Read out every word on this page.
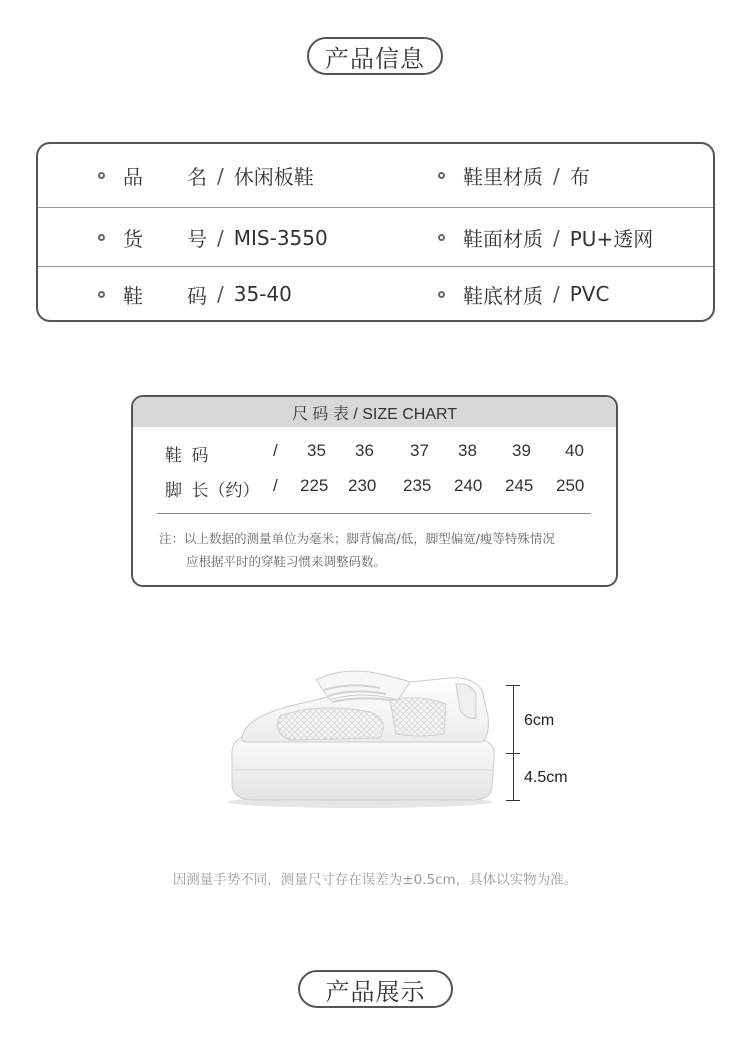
产品信息
品名 / 休闲板鞋	鞋里材质 / 布
货号 / MIS-3550	鞋面材质 / PU+透网
鞋码 / 35-40	鞋底材质 / PVC
尺 码 表 / SIZE CHART
鞋  码	/ 35 36 37 38 39 40
脚  长（约） / 225 230 235 240 245 250
注：以上数据的测量单位为毫米；脚背偏高/低，脚型偏宽/瘦等特殊情况
应根据平时的穿鞋习惯来调整码数。
6cm
4.5cm
因测量手势不同，测量尺寸存在误差为±0.5cm，具体以实物为准。
产品展示
